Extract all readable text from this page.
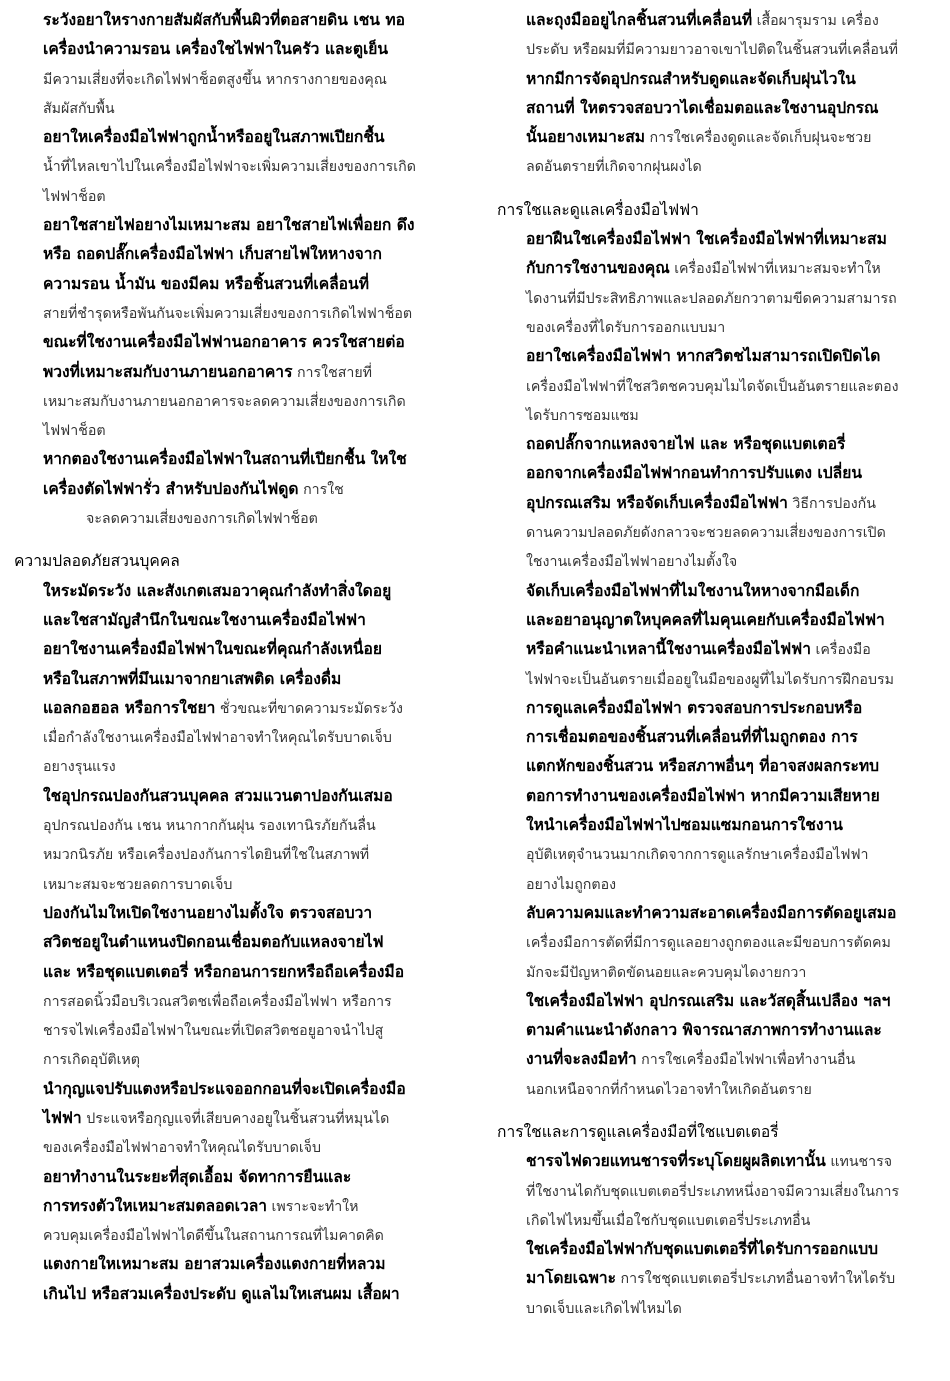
ระวังอยาใหรางกายสัมผัสกับพื้นผิวที่ตอสายดิน เชน ทอ
เครื่องนำความรอน เครื่องใชไฟฟาในครัว และตูเย็น
มีความเสี่ยงที่จะเกิดไฟฟาช็อตสูงขึ้น หากรางกายของคุณ
สัมผัสกับพื้น
อยาใหเครื่องมือไฟฟาถูกน้ำหรืออยูในสภาพเปียกชื้น
น้ำที่ไหลเขาไปในเครื่องมือไฟฟาจะเพิ่มความเสี่ยงของการเกิด
ไฟฟาช็อต
อยาใชสายไฟอยางไมเหมาะสม อยาใชสายไฟเพื่อยก ดึง
หรือ ถอดปลั๊กเครื่องมือไฟฟา เก็บสายไฟใหหางจาก
ความรอน น้ำมัน ของมีคม หรือชิ้นสวนที่เคลื่อนที่
สายที่ชำรุดหรือพันกันจะเพิ่มความเสี่ยงของการเกิดไฟฟาช็อต
ขณะที่ใชงานเครื่องมือไฟฟานอกอาคาร ควรใชสายต่อ
พวงที่เหมาะสมกับงานภายนอกอาคาร การใชสายที่
เหมาะสมกับงานภายนอกอาคารจะลดความเสี่ยงของการเกิด
ไฟฟาช็อต
หากตองใชงานเครื่องมือไฟฟาในสถานที่เปียกชื้น ใหใช
เครื่องตัดไฟฟารั่ว สำหรับปองกันไฟดูด การใช
จะลดความเสี่ยงของการเกิดไฟฟาช็อต
ความปลอดภัยสวนบุคคล
ใหระมัดระวัง และสังเกตเสมอวาคุณกำลังทำสิ่งใดอยู
และใชสามัญสำนึกในขณะใชงานเครื่องมือไฟฟา
อยาใชงานเครื่องมือไฟฟาในขณะที่คุณกำลังเหนื่อย
หรือในสภาพที่มึนเมาจากยาเสพติด เครื่องดื่ม
แอลกอฮอล หรือการใชยา ชั่วขณะที่ขาดความระมัดระวัง
เมื่อกำลังใชงานเครื่องมือไฟฟาอาจทำใหคุณไดรับบาดเจ็บ
อยางรุนแรง
ใชอุปกรณปองกันสวนบุคคล สวมแวนตาปองกันเสมอ
อุปกรณปองกัน เชน หนากากกันฝุน รองเทานิรภัยกันลื่น
หมวกนิรภัย หรือเครื่องปองกันการไดยินที่ใชในสภาพที่
เหมาะสมจะชวยลดการบาดเจ็บ
ปองกันไมใหเปิดใชงานอยางไมตั้งใจ ตรวจสอบวา
สวิตชอยูในตำแหนงปิดกอนเชื่อมตอกับแหลงจายไฟ
และ หรือชุดแบตเตอรี่ หรือกอนการยกหรือถือเครื่องมือ
การสอดนิ้วมือบริเวณสวิตชเพื่อถือเครื่องมือไฟฟา หรือการ
ชารจไฟเครื่องมือไฟฟาในขณะที่เปิดสวิตชอยูอาจนำไปสู
การเกิดอุบัติเหตุ
นำกุญแจปรับแตงหรือประแจออกกอนที่จะเปิดเครื่องมือ
ไฟฟา ประแจหรือกุญแจที่เสียบคางอยูในชิ้นสวนที่หมุนได
ของเครื่องมือไฟฟาอาจทำใหคุณไดรับบาดเจ็บ
อยาทำงานในระยะที่สุดเอื้อม จัดทาการยืนและ
การทรงตัวใหเหมาะสมตลอดเวลา เพราะจะทำให
ควบคุมเครื่องมือไฟฟาไดดีขึ้นในสถานการณที่ไมคาดคิด
แตงกายใหเหมาะสม อยาสวมเครื่องแตงกายที่หลวม
เกินไป หรือสวมเครื่องประดับ ดูแลไมใหเสนผม เสื้อผา
และถุงมืออยูไกลชิ้นสวนที่เคลื่อนที่ เสื้อผารุมราม เครื่อง
ประดับ หรือผมที่มีความยาวอาจเขาไปติดในชิ้นสวนที่เคลื่อนที่
หากมีการจัดอุปกรณสำหรับดูดและจัดเก็บฝุนไวใน
สถานที่ ใหตรวจสอบวาไดเชื่อมตอและใชงานอุปกรณ
นั้นอยางเหมาะสม การใชเครื่องดูดและจัดเก็บฝุนจะชวย
ลดอันตรายที่เกิดจากฝุนผงได
การใชและดูแลเครื่องมือไฟฟา
อยาฝืนใชเครื่องมือไฟฟา ใชเครื่องมือไฟฟาที่เหมาะสม
กับการใชงานของคุณ เครื่องมือไฟฟาที่เหมาะสมจะทำให
ไดงานที่มีประสิทธิภาพและปลอดภัยกวาตามขีดความสามารถ
ของเครื่องที่ไดรับการออกแบบมา
อยาใชเครื่องมือไฟฟา หากสวิตชไมสามารถเปิดปิดได
เครื่องมือไฟฟาที่ใชสวิตชควบคุมไมไดจัดเป็นอันตรายและตอง
ไดรับการซอมแซม
ถอดปลั๊กจากแหลงจายไฟ และ หรือชุดแบตเตอรี่
ออกจากเครื่องมือไฟฟากอนทำการปรับแตง เปลี่ยน
อุปกรณเสริม หรือจัดเก็บเครื่องมือไฟฟา วิธีการปองกัน
ดานความปลอดภัยดังกลาวจะชวยลดความเสี่ยงของการเปิด
ใชงานเครื่องมือไฟฟาอยางไมตั้งใจ
จัดเก็บเครื่องมือไฟฟาที่ไมใชงานใหหางจากมือเด็ก
และอยาอนุญาตใหบุคคลที่ไมคุนเคยกับเครื่องมือไฟฟา
หรือคำแนะนำเหลานี้ใชงานเครื่องมือไฟฟา เครื่องมือ
ไฟฟาจะเป็นอันตรายเมื่ออยูในมือของผูที่ไมไดรับการฝึกอบรม
การดูแลเครื่องมือไฟฟา ตรวจสอบการประกอบหรือ
การเชื่อมตอของชิ้นสวนที่เคลื่อนที่ที่ไมถูกตอง การ
แตกหักของชิ้นสวน หรือสภาพอื่นๆ ที่อาจสงผลกระทบ
ตอการทำงานของเครื่องมือไฟฟา หากมีความเสียหาย
ใหนำเครื่องมือไฟฟาไปซอมแซมกอนการใชงาน
อุบัติเหตุจำนวนมากเกิดจากการดูแลรักษาเครื่องมือไฟฟา
อยางไมถูกตอง
ลับความคมและทำความสะอาดเครื่องมือการตัดอยูเสมอ
เครื่องมือการตัดที่มีการดูแลอยางถูกตองและมีขอบการตัดคม
มักจะมีปัญหาติดขัดนอยและควบคุมไดงายกวา
ใชเครื่องมือไฟฟา อุปกรณเสริม และวัสดุสิ้นเปลือง ฯลฯ
ตามคำแนะนำดังกลาว พิจารณาสภาพการทำงานและ
งานที่จะลงมือทำ การใชเครื่องมือไฟฟาเพื่อทำงานอื่น
นอกเหนือจากที่กำหนดไวอาจทำใหเกิดอันตราย
การใชและการดูแลเครื่องมือที่ใชแบตเตอรี่
ชารจไฟดวยแทนชารจที่ระบุโดยผูผลิตเทานั้น แทนชารจ
ที่ใชงานไดกับชุดแบตเตอรี่ประเภทหนึ่งอาจมีความเสี่ยงในการ
เกิดไฟไหมขึ้นเมื่อใชกับชุดแบตเตอรี่ประเภทอื่น
ใชเครื่องมือไฟฟากับชุดแบตเตอรี่ที่ไดรับการออกแบบ
มาโดยเฉพาะ การใชชุดแบตเตอรี่ประเภทอื่นอาจทำใหไดรับ
บาดเจ็บและเกิดไฟไหมได
